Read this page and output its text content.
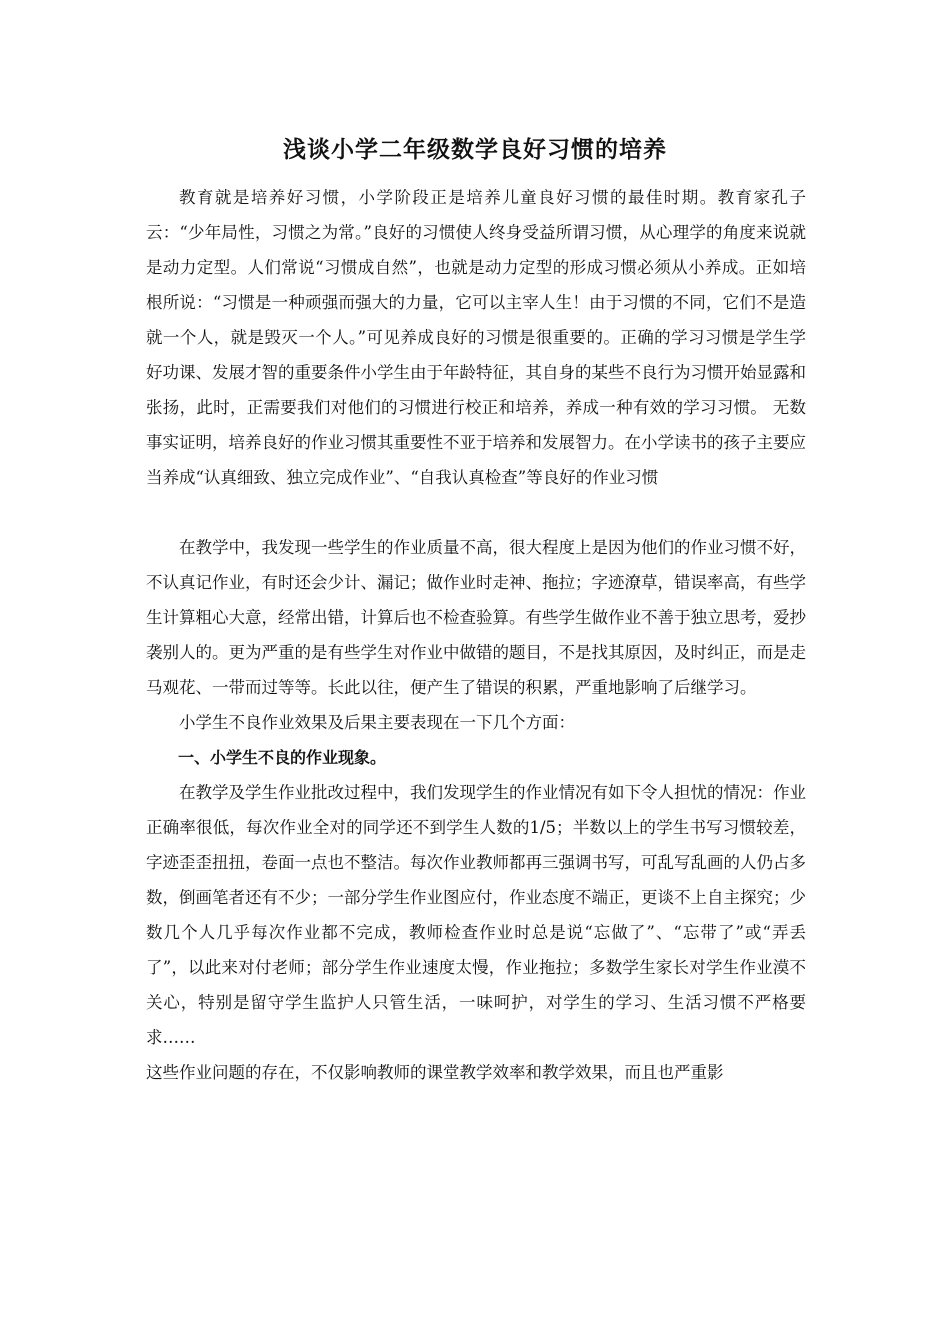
浅谈小学二年级数学良好习惯的培养

教育就是培养好习惯，小学阶段正是培养儿童良好习惯的最佳时期。教育家孔子云：“少年局性，习惯之为常。”良好的习惯使人终身受益所谓习惯，从心理学的角度来说就是动力定型。人们常说“习惯成自然”，也就是动力定型的形成习惯必须从小养成。正如培根所说：“习惯是一种顽强而强大的力量，它可以主宰人生！由于习惯的不同，它们不是造就一个人，就是毁灭一个人。”可见养成良好的习惯是很重要的。正确的学习习惯是学生学好功课、发展才智的重要条件小学生由于年龄特征，其自身的某些不良行为习惯开始显露和张扬，此时，正需要我们对他们的习惯进行校正和培养，养成一种有效的学习习惯。 无数事实证明，培养良好的作业习惯其重要性不亚于培养和发展智力。在小学读书的孩子主要应当养成“认真细致、独立完成作业”、“自我认真检查”等良好的作业习惯

在教学中，我发现一些学生的作业质量不高，很大程度上是因为他们的作业习惯不好，不认真记作业，有时还会少计、漏记；做作业时走神、拖拉；字迹潦草，错误率高，有些学生计算粗心大意，经常出错，计算后也不检查验算。有些学生做作业不善于独立思考，爱抄袭别人的。更为严重的是有些学生对作业中做错的题目，不是找其原因，及时纠正，而是走马观花、一带而过等等。长此以往，便产生了错误的积累，严重地影响了后继学习。

小学生不良作业效果及后果主要表现在一下几个方面：

一、小学生不良的作业现象。

在教学及学生作业批改过程中，我们发现学生的作业情况有如下令人担忧的情况：作业正确率很低，每次作业全对的同学还不到学生人数的1/5；半数以上的学生书写习惯较差，字迹歪歪扭扭，卷面一点也不整洁。每次作业教师都再三强调书写，可乱写乱画的人仍占多数，倒画笔者还有不少；一部分学生作业图应付，作业态度不端正，更谈不上自主探究；少数几个人几乎每次作业都不完成，教师检查作业时总是说“忘做了”、“忘带了”或“弄丢了”，以此来对付老师；部分学生作业速度太慢，作业拖拉；多数学生家长对学生作业漠不关心，特别是留守学生监护人只管生活，一味呵护，对学生的学习、生活习惯不严格要求……

这些作业问题的存在，不仅影响教师的课堂教学效率和教学效果，而且也严重影
